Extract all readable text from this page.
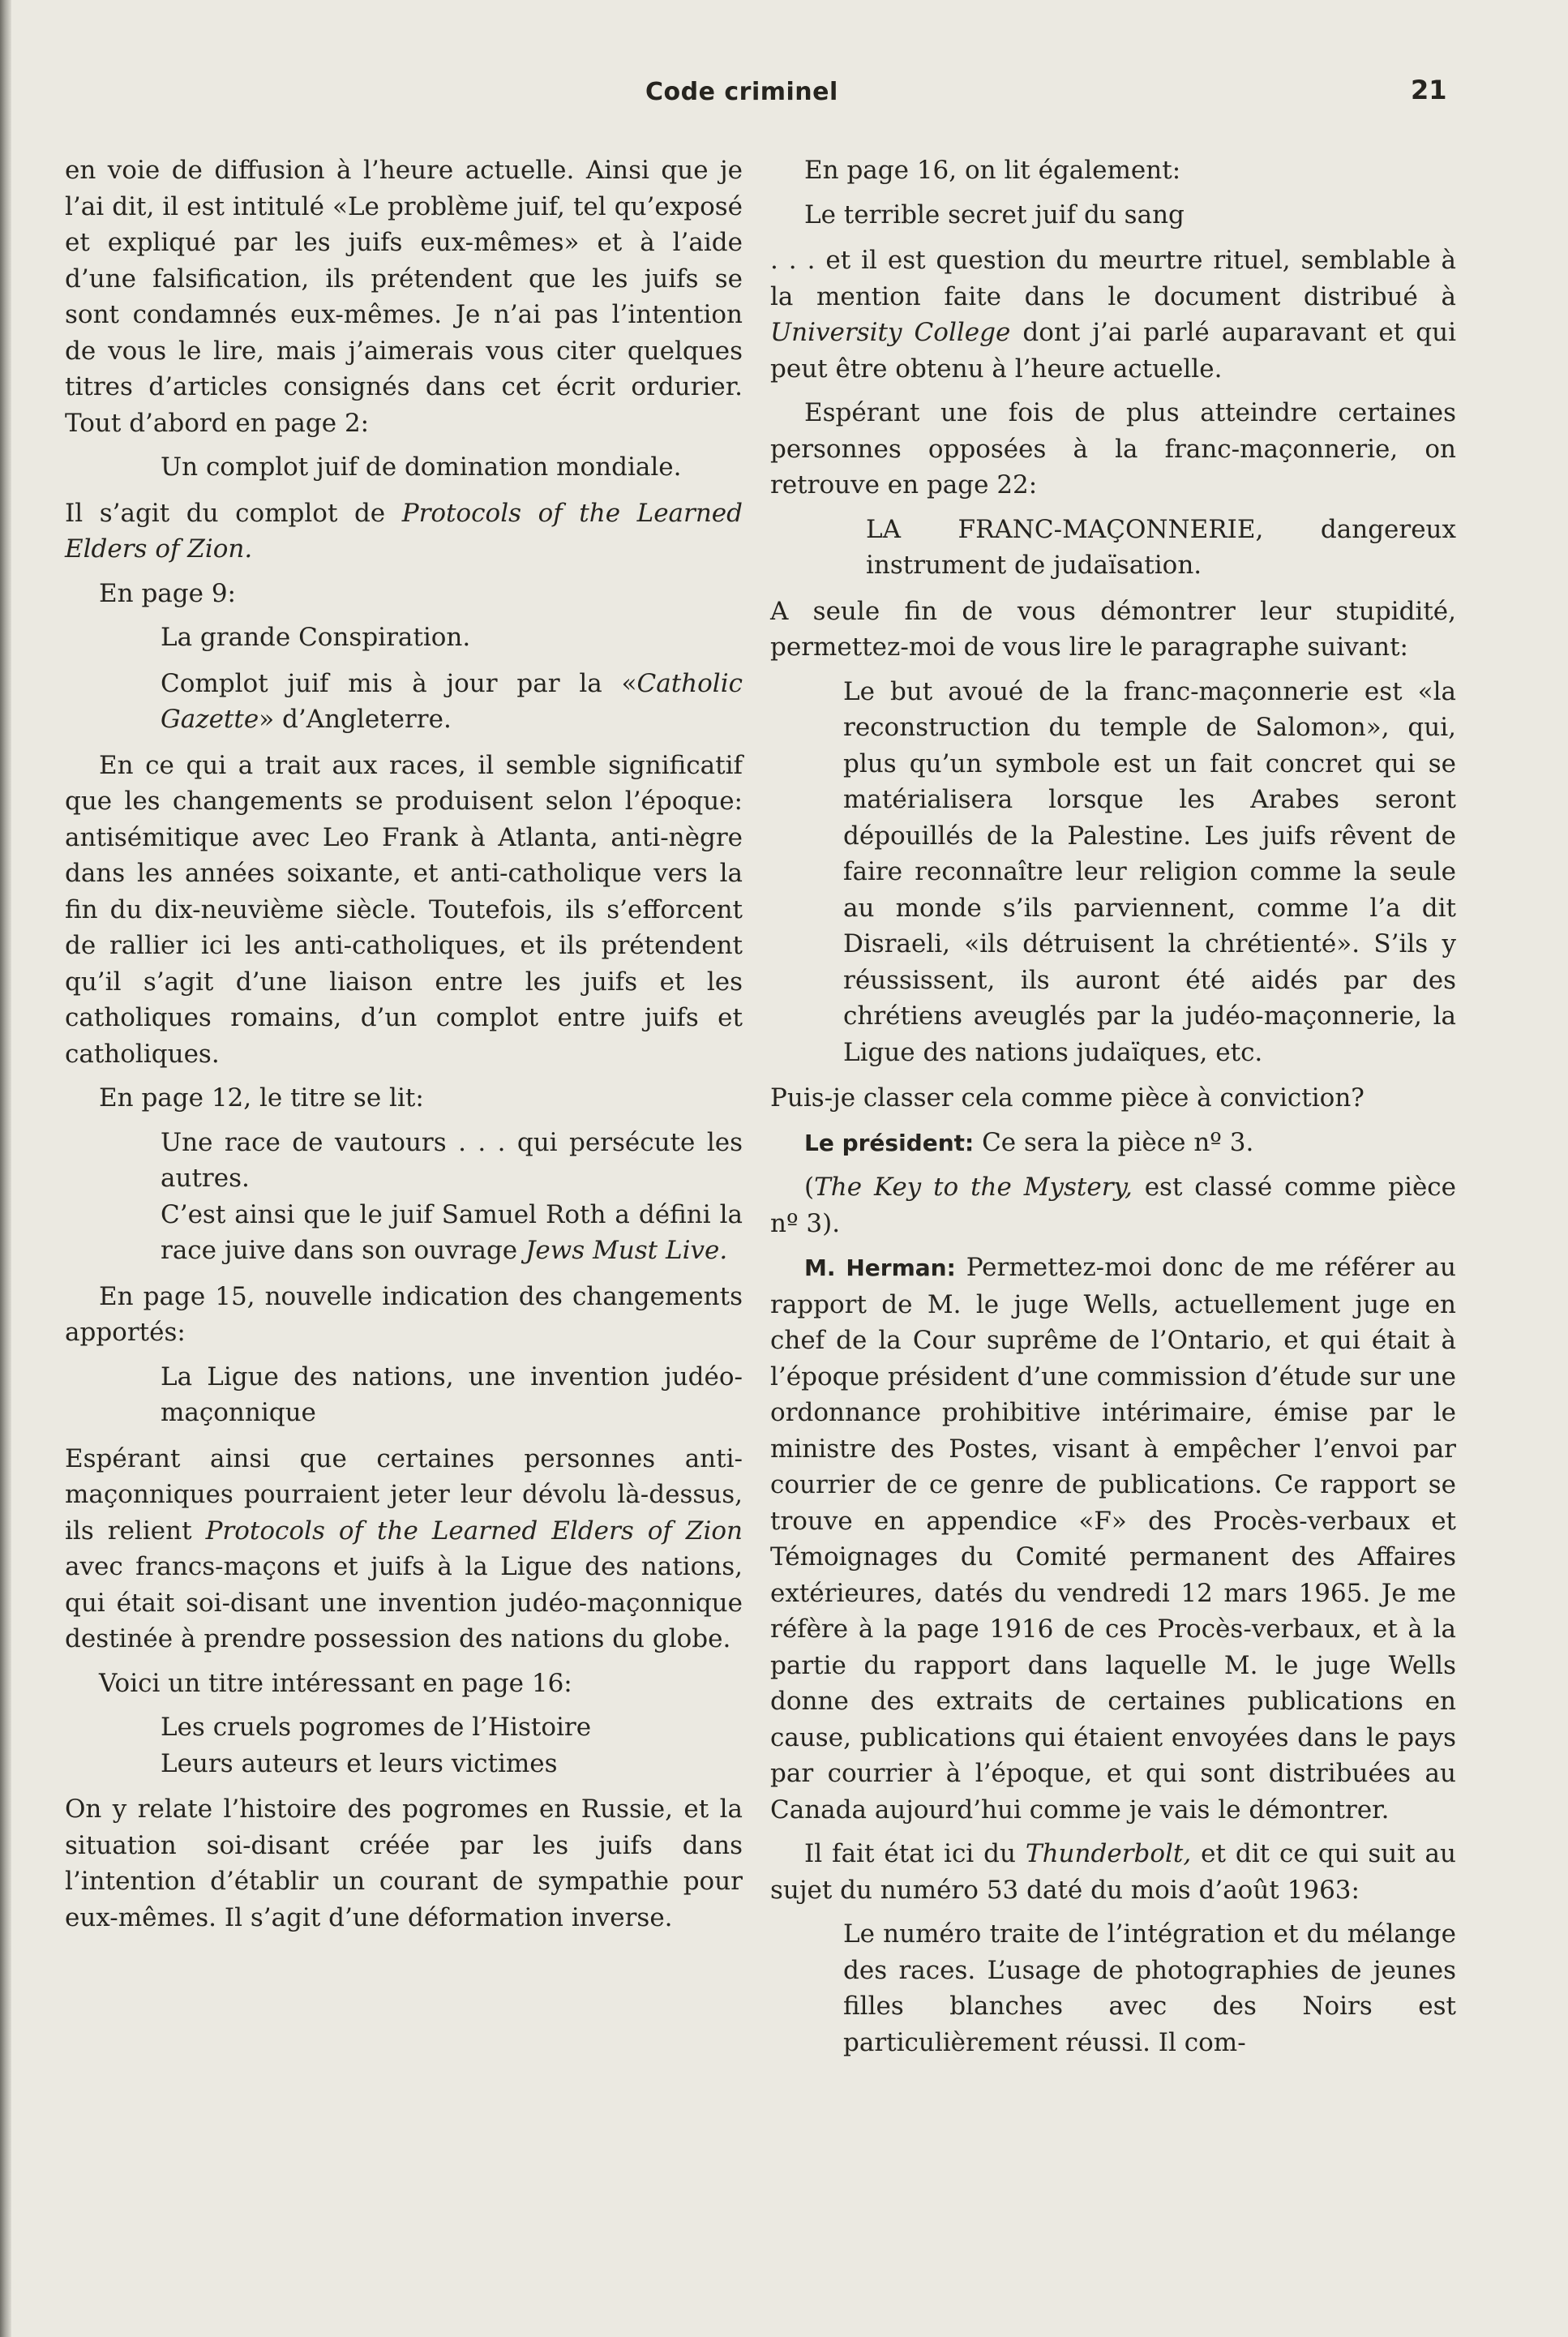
Code criminel	21

en voie de diffusion à l’heure actuelle. Ainsi que je l’ai dit, il est intitulé «Le problème juif, tel qu’exposé et expliqué par les juifs eux-mêmes» et à l’aide d’une falsification, ils prétendent que les juifs se sont condamnés eux-mêmes. Je n’ai pas l’intention de vous le lire, mais j’aimerais vous citer quelques titres d’articles consignés dans cet écrit ordurier. Tout d’abord en page 2:

Un complot juif de domination mondiale.

Il s’agit du complot de Protocols of the Learned Elders of Zion.

En page 9:

La grande Conspiration.

Complot juif mis à jour par la «Catholic Gazette» d’Angleterre.

En ce qui a trait aux races, il semble significatif que les changements se produisent selon l’époque: antisémitique avec Leo Frank à Atlanta, anti-nègre dans les années soixante, et anti-catholique vers la fin du dix-neuvième siècle. Toutefois, ils s’efforcent de rallier ici les anti-catholiques, et ils prétendent qu’il s’agit d’une liaison entre les juifs et les catholiques romains, d’un complot entre juifs et catholiques.

En page 12, le titre se lit:

Une race de vautours . . . qui persécute les autres.

C’est ainsi que le juif Samuel Roth a défini la race juive dans son ouvrage Jews Must Live.

En page 15, nouvelle indication des changements apportés:

La Ligue des nations, une invention judéo-maçonnique

Espérant ainsi que certaines personnes anti-maçonniques pourraient jeter leur dévolu là-dessus, ils relient Protocols of the Learned Elders of Zion avec francs-maçons et juifs à la Ligue des nations, qui était soi-disant une invention judéo-maçonnique destinée à prendre possession des nations du globe.

Voici un titre intéressant en page 16:

Les cruels pogromes de l’Histoire

Leurs auteurs et leurs victimes

On y relate l’histoire des pogromes en Russie, et la situation soi-disant créée par les juifs dans l’intention d’établir un courant de sympathie pour eux-mêmes. Il s’agit d’une déformation inverse.

En page 16, on lit également:

Le terrible secret juif du sang

. . . et il est question du meurtre rituel, semblable à la mention faite dans le document distribué à University College dont j’ai parlé auparavant et qui peut être obtenu à l’heure actuelle.

Espérant une fois de plus atteindre certaines personnes opposées à la franc-maçonnerie, on retrouve en page 22:

LA FRANC-MAÇONNERIE, dangereux instrument de judaïsation.

A seule fin de vous démontrer leur stupidité, permettez-moi de vous lire le paragraphe suivant:

Le but avoué de la franc-maçonnerie est «la reconstruction du temple de Salomon», qui, plus qu’un symbole est un fait concret qui se matérialisera lorsque les Arabes seront dépouillés de la Palestine. Les juifs rêvent de faire reconnaître leur religion comme la seule au monde s’ils parviennent, comme l’a dit Disraeli, «ils détruisent la chrétienté». S’ils y réussissent, ils auront été aidés par des chrétiens aveuglés par la judéo-maçonnerie, la Ligue des nations judaïques, etc.

Puis-je classer cela comme pièce à conviction?

Le président: Ce sera la pièce nº 3.

(The Key to the Mystery, est classé comme pièce nº 3).

M. Herman: Permettez-moi donc de me référer au rapport de M. le juge Wells, actuellement juge en chef de la Cour suprême de l’Ontario, et qui était à l’époque président d’une commission d’étude sur une ordonnance prohibitive intérimaire, émise par le ministre des Postes, visant à empêcher l’envoi par courrier de ce genre de publications. Ce rapport se trouve en appendice «F» des Procès-verbaux et Témoignages du Comité permanent des Affaires extérieures, datés du vendredi 12 mars 1965. Je me réfère à la page 1916 de ces Procès-verbaux, et à la partie du rapport dans laquelle M. le juge Wells donne des extraits de certaines publications en cause, publications qui étaient envoyées dans le pays par courrier à l’époque, et qui sont distribuées au Canada aujourd’hui comme je vais le démontrer.

Il fait état ici du Thunderbolt, et dit ce qui suit au sujet du numéro 53 daté du mois d’août 1963:

Le numéro traite de l’intégration et du mélange des races. L’usage de photographies de jeunes filles blanches avec des Noirs est particulièrement réussi. Il com-
